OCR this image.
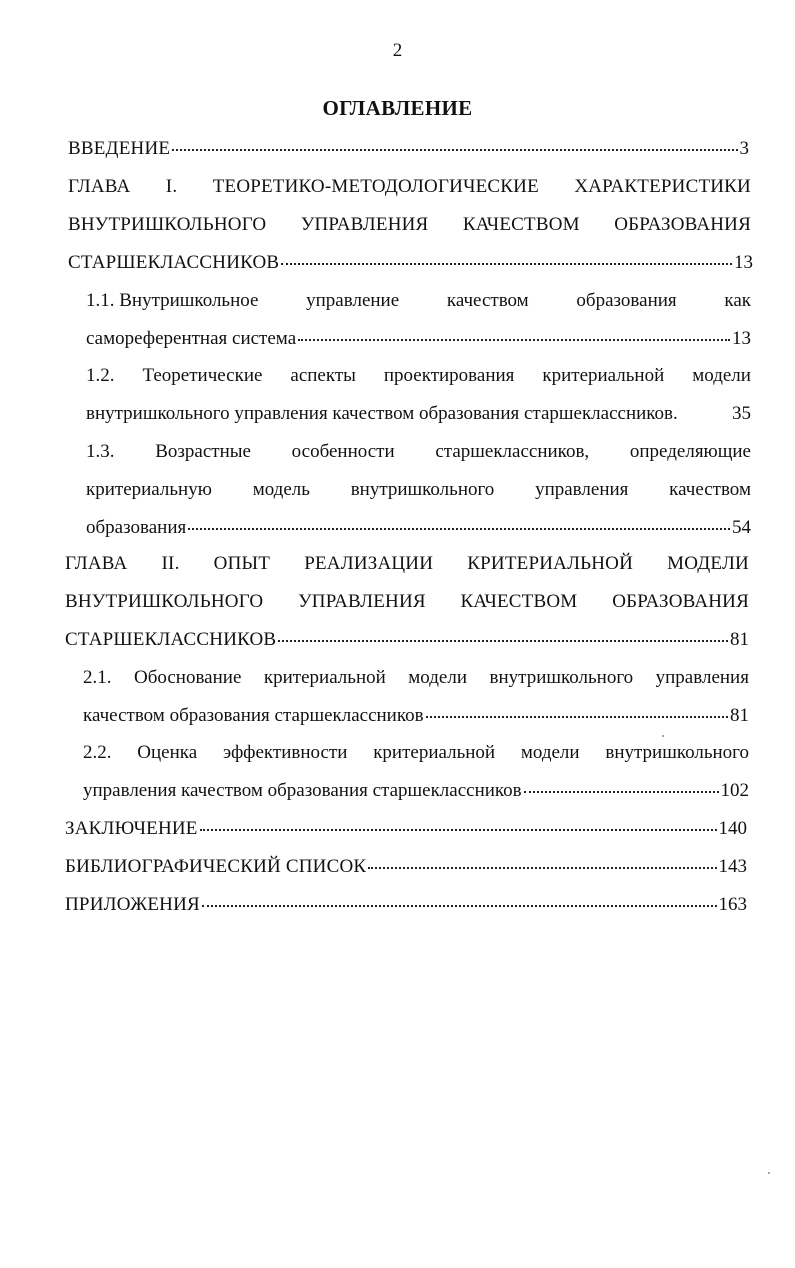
2
ОГЛАВЛЕНИЕ
ВВЕДЕНИЕ	3
ГЛАВА I. ТЕОРЕТИКО-МЕТОДОЛОГИЧЕСКИЕ ХАРАКТЕРИСТИКИ
ВНУТРИШКОЛЬНОГО УПРАВЛЕНИЯ КАЧЕСТВОМ ОБРАЗОВАНИЯ
СТАРШЕКЛАССНИКОВ	13
1.1. Внутришкольное	управление	качеством	образования	как
самореферентная система	13
1.2. Теоретические аспекты проектирования критериальной модели
внутришкольного управления качеством образования старшеклассников.	35
1.3. Возрастные особенности старшеклассников, определяющие
критериальную модель внутришкольного управления качеством
образования	54
ГЛАВА II. ОПЫТ РЕАЛИЗАЦИИ КРИТЕРИАЛЬНОЙ МОДЕЛИ
ВНУТРИШКОЛЬНОГО УПРАВЛЕНИЯ КАЧЕСТВОМ ОБРАЗОВАНИЯ
СТАРШЕКЛАССНИКОВ	81
2.1. Обоснование критериальной модели внутришкольного управления
качеством образования старшеклассников	81
2.2. Оценка эффективности критериальной модели внутришкольного
управления качеством образования старшеклассников	102
ЗАКЛЮЧЕНИЕ	140
БИБЛИОГРАФИЧЕСКИЙ СПИСОК	143
ПРИЛОЖЕНИЯ	163
